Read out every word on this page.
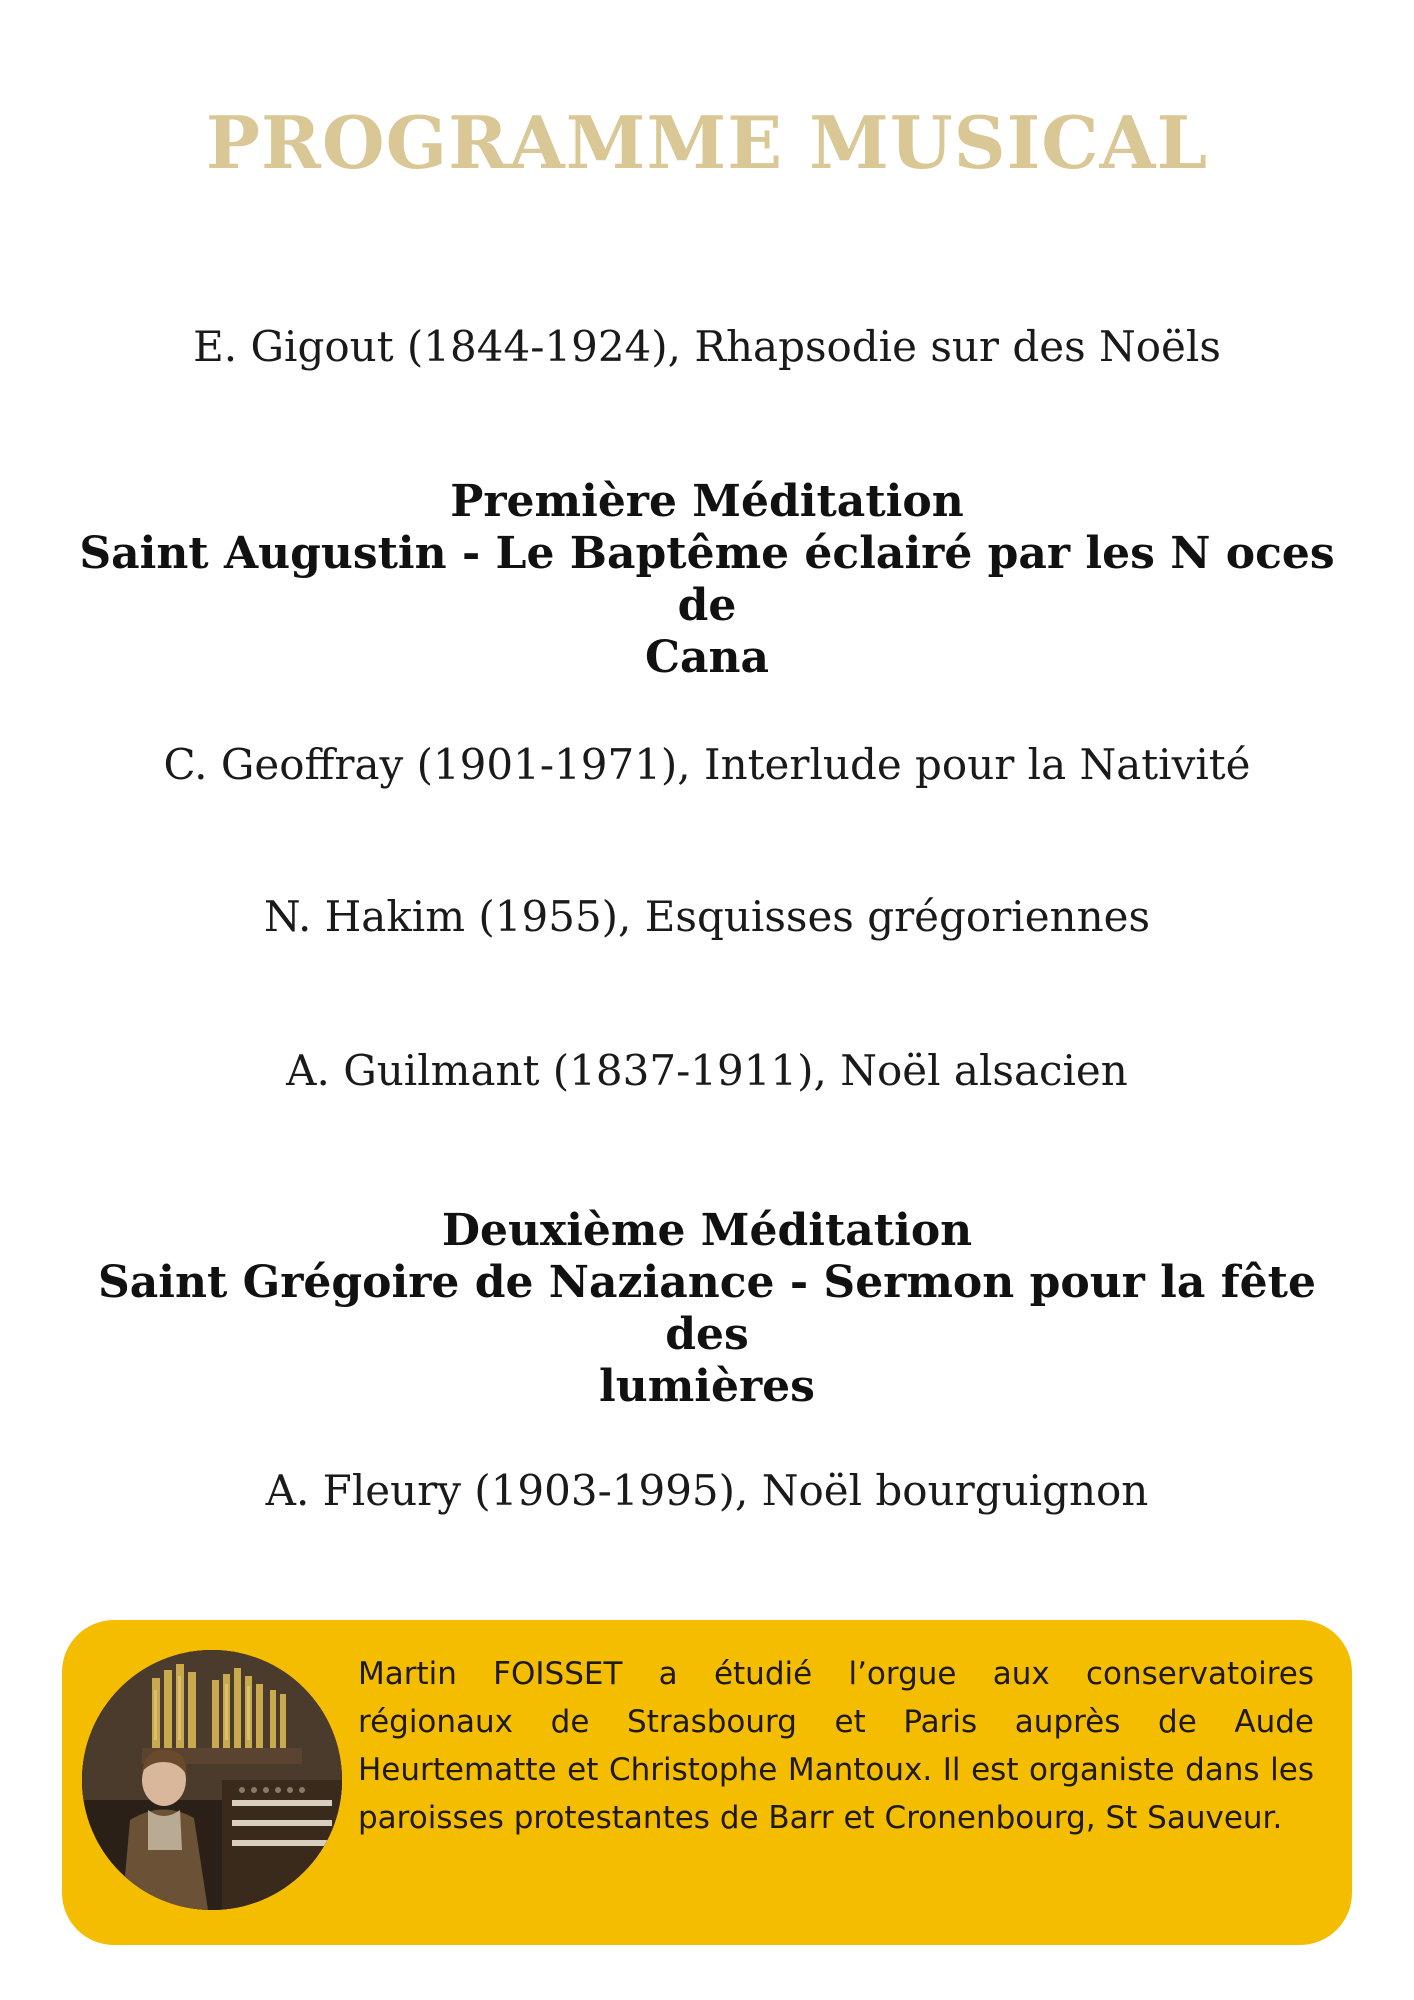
PROGRAMME MUSICAL
E. Gigout (1844-1924), Rhapsodie sur des Noëls
Première Méditation
Saint Augustin - Le Baptême éclairé par les N oces de
Cana
C. Geoffray (1901-1971), Interlude pour la Nativité
N. Hakim (1955), Esquisses grégoriennes
A. Guilmant (1837-1911), Noël alsacien
Deuxième Méditation
Saint Grégoire de Naziance - Sermon pour la fête des
lumières
A. Fleury (1903-1995), Noël bourguignon
Martin FOISSET a étudié l’orgue aux conservatoires régionaux de Strasbourg et Paris auprès de Aude Heurtematte et Christophe Mantoux. Il est organiste dans les paroisses protestantes de Barr et Cronenbourg, St Sauveur.
